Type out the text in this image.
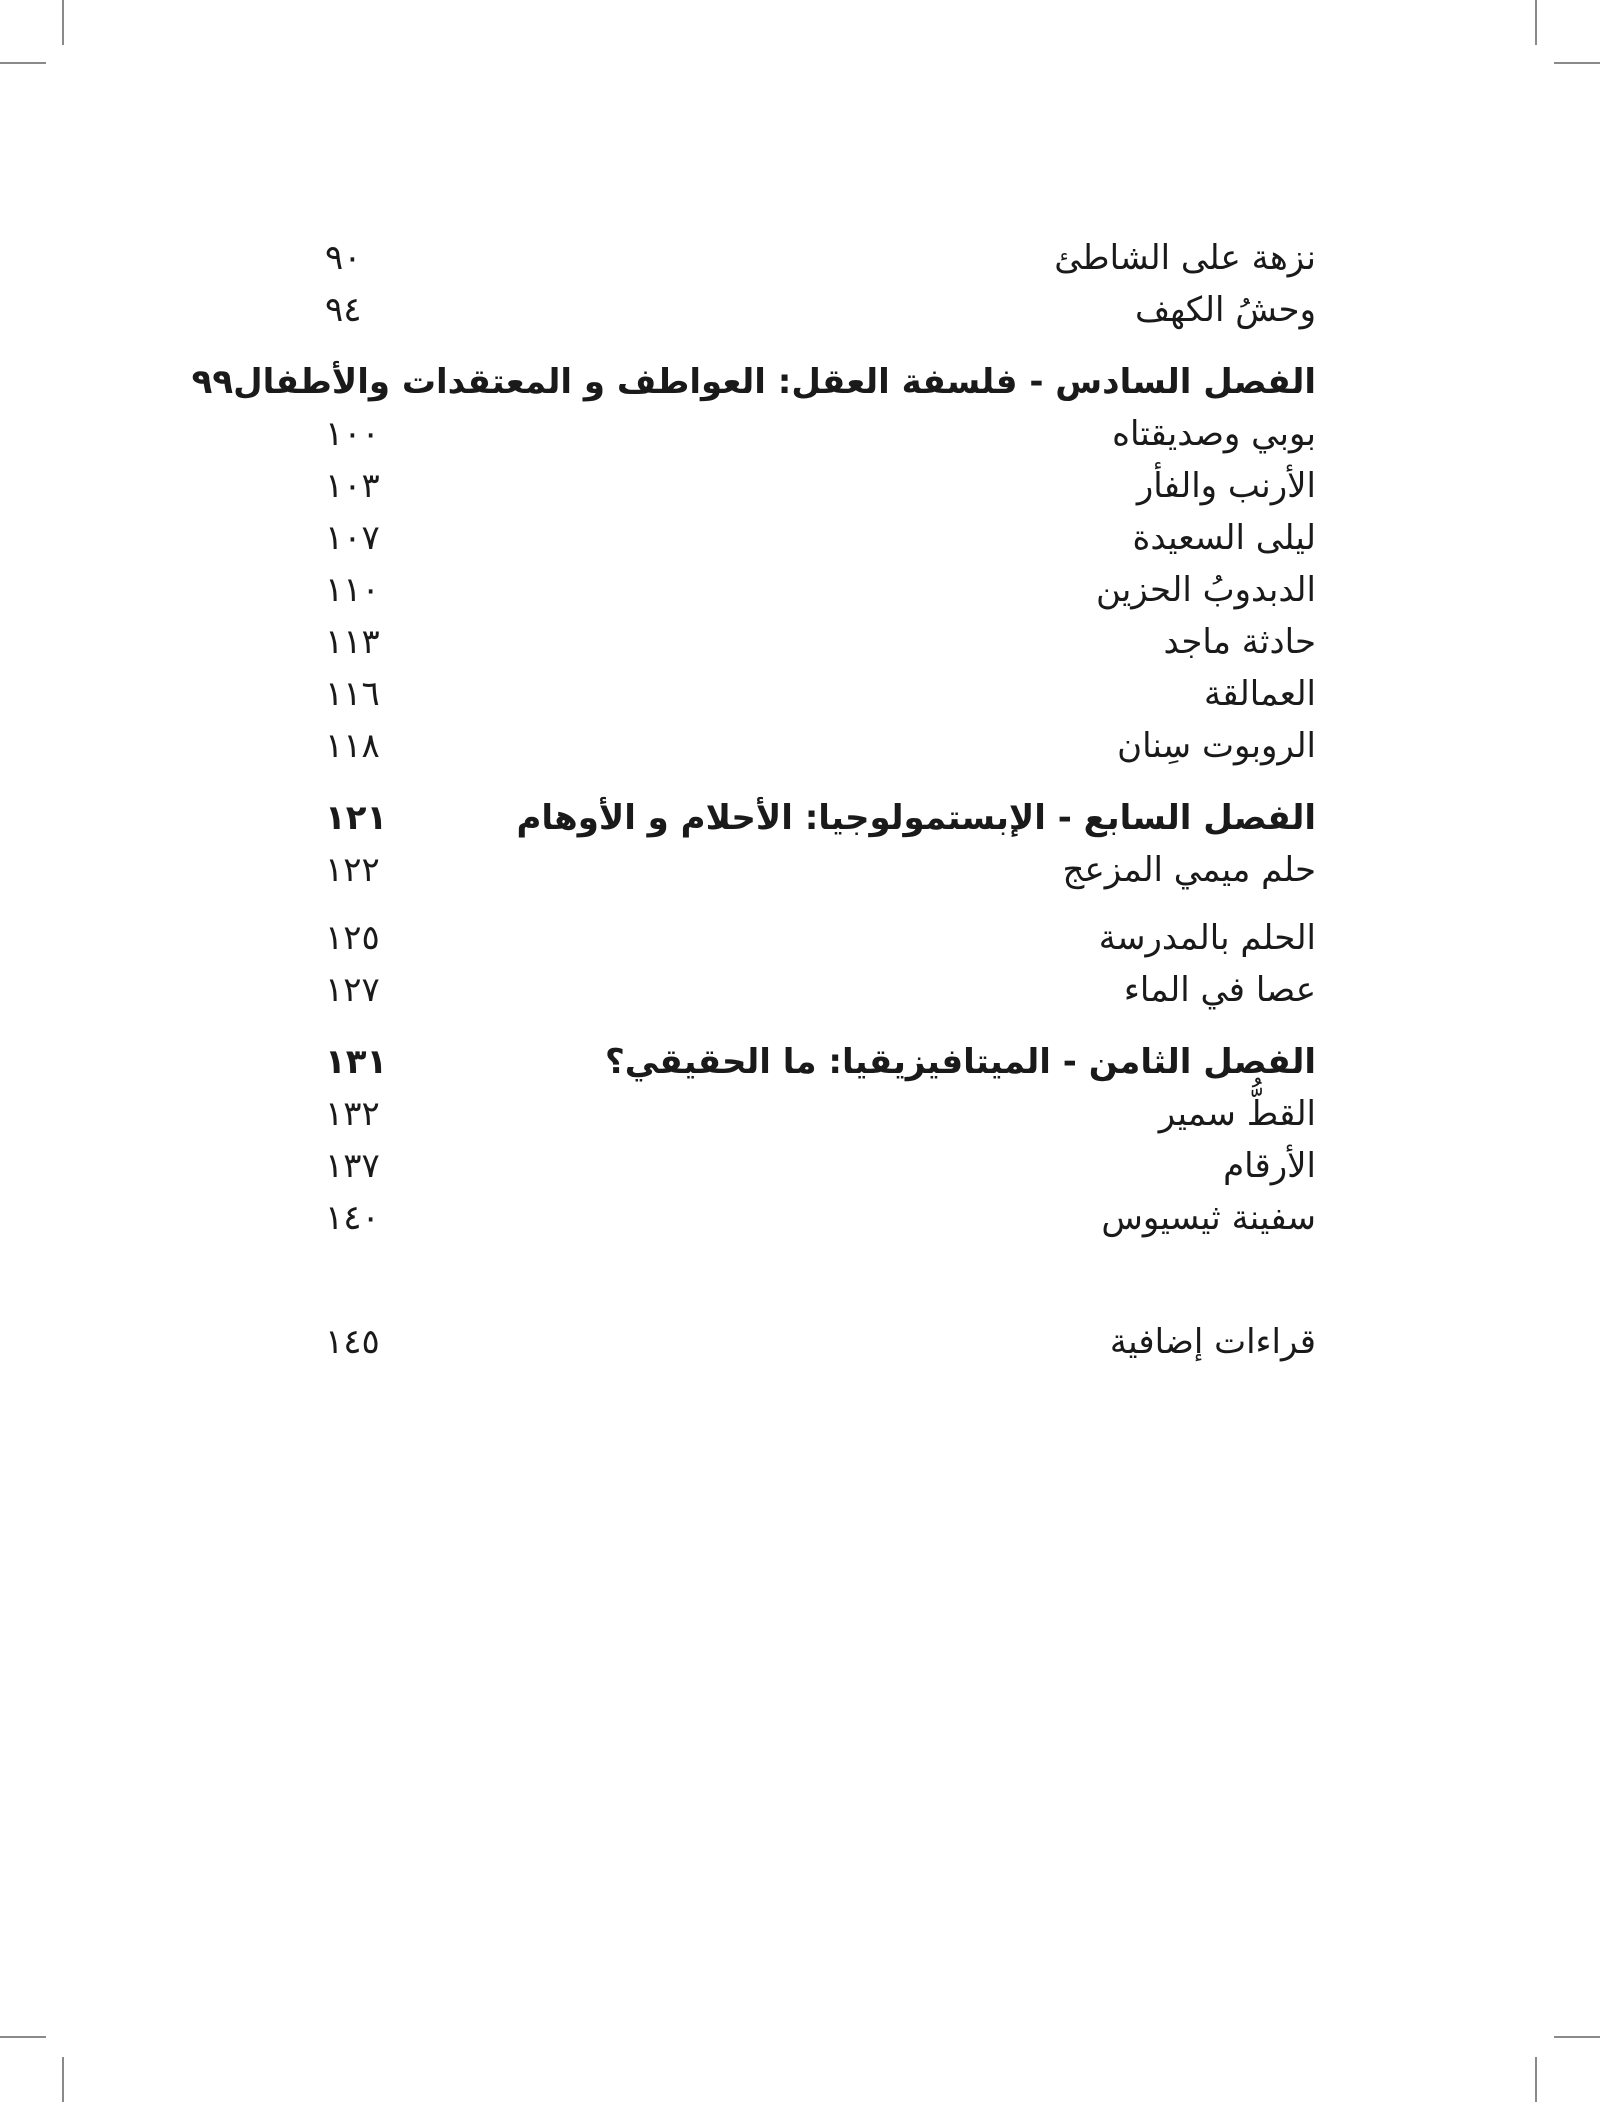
نزهة على الشاطئ
٩٠
وحشُ الكهف
٩٤
الفصل السادس - فلسفة العقل: العواطف و المعتقدات والأطفال
٩٩
بوبي وصديقتاه
١٠٠
الأرنب والفأر
١٠٣
ليلى السعيدة
١٠٧
الدبدوبُ الحزين
١١٠
حادثة ماجد
١١٣
العمالقة
١١٦
الروبوت سِنان
١١٨
الفصل السابع - الإبستمولوجيا: الأحلام و الأوهام
١٢١
حلم ميمي المزعج
١٢٢
الحلم بالمدرسة
١٢٥
عصا في الماء
١٢٧
الفصل الثامن - الميتافيزيقيا: ما الحقيقي؟
١٣١
القطُّ سمير
١٣٢
الأرقام
١٣٧
سفينة ثيسيوس
١٤٠
قراءات إضافية
١٤٥
